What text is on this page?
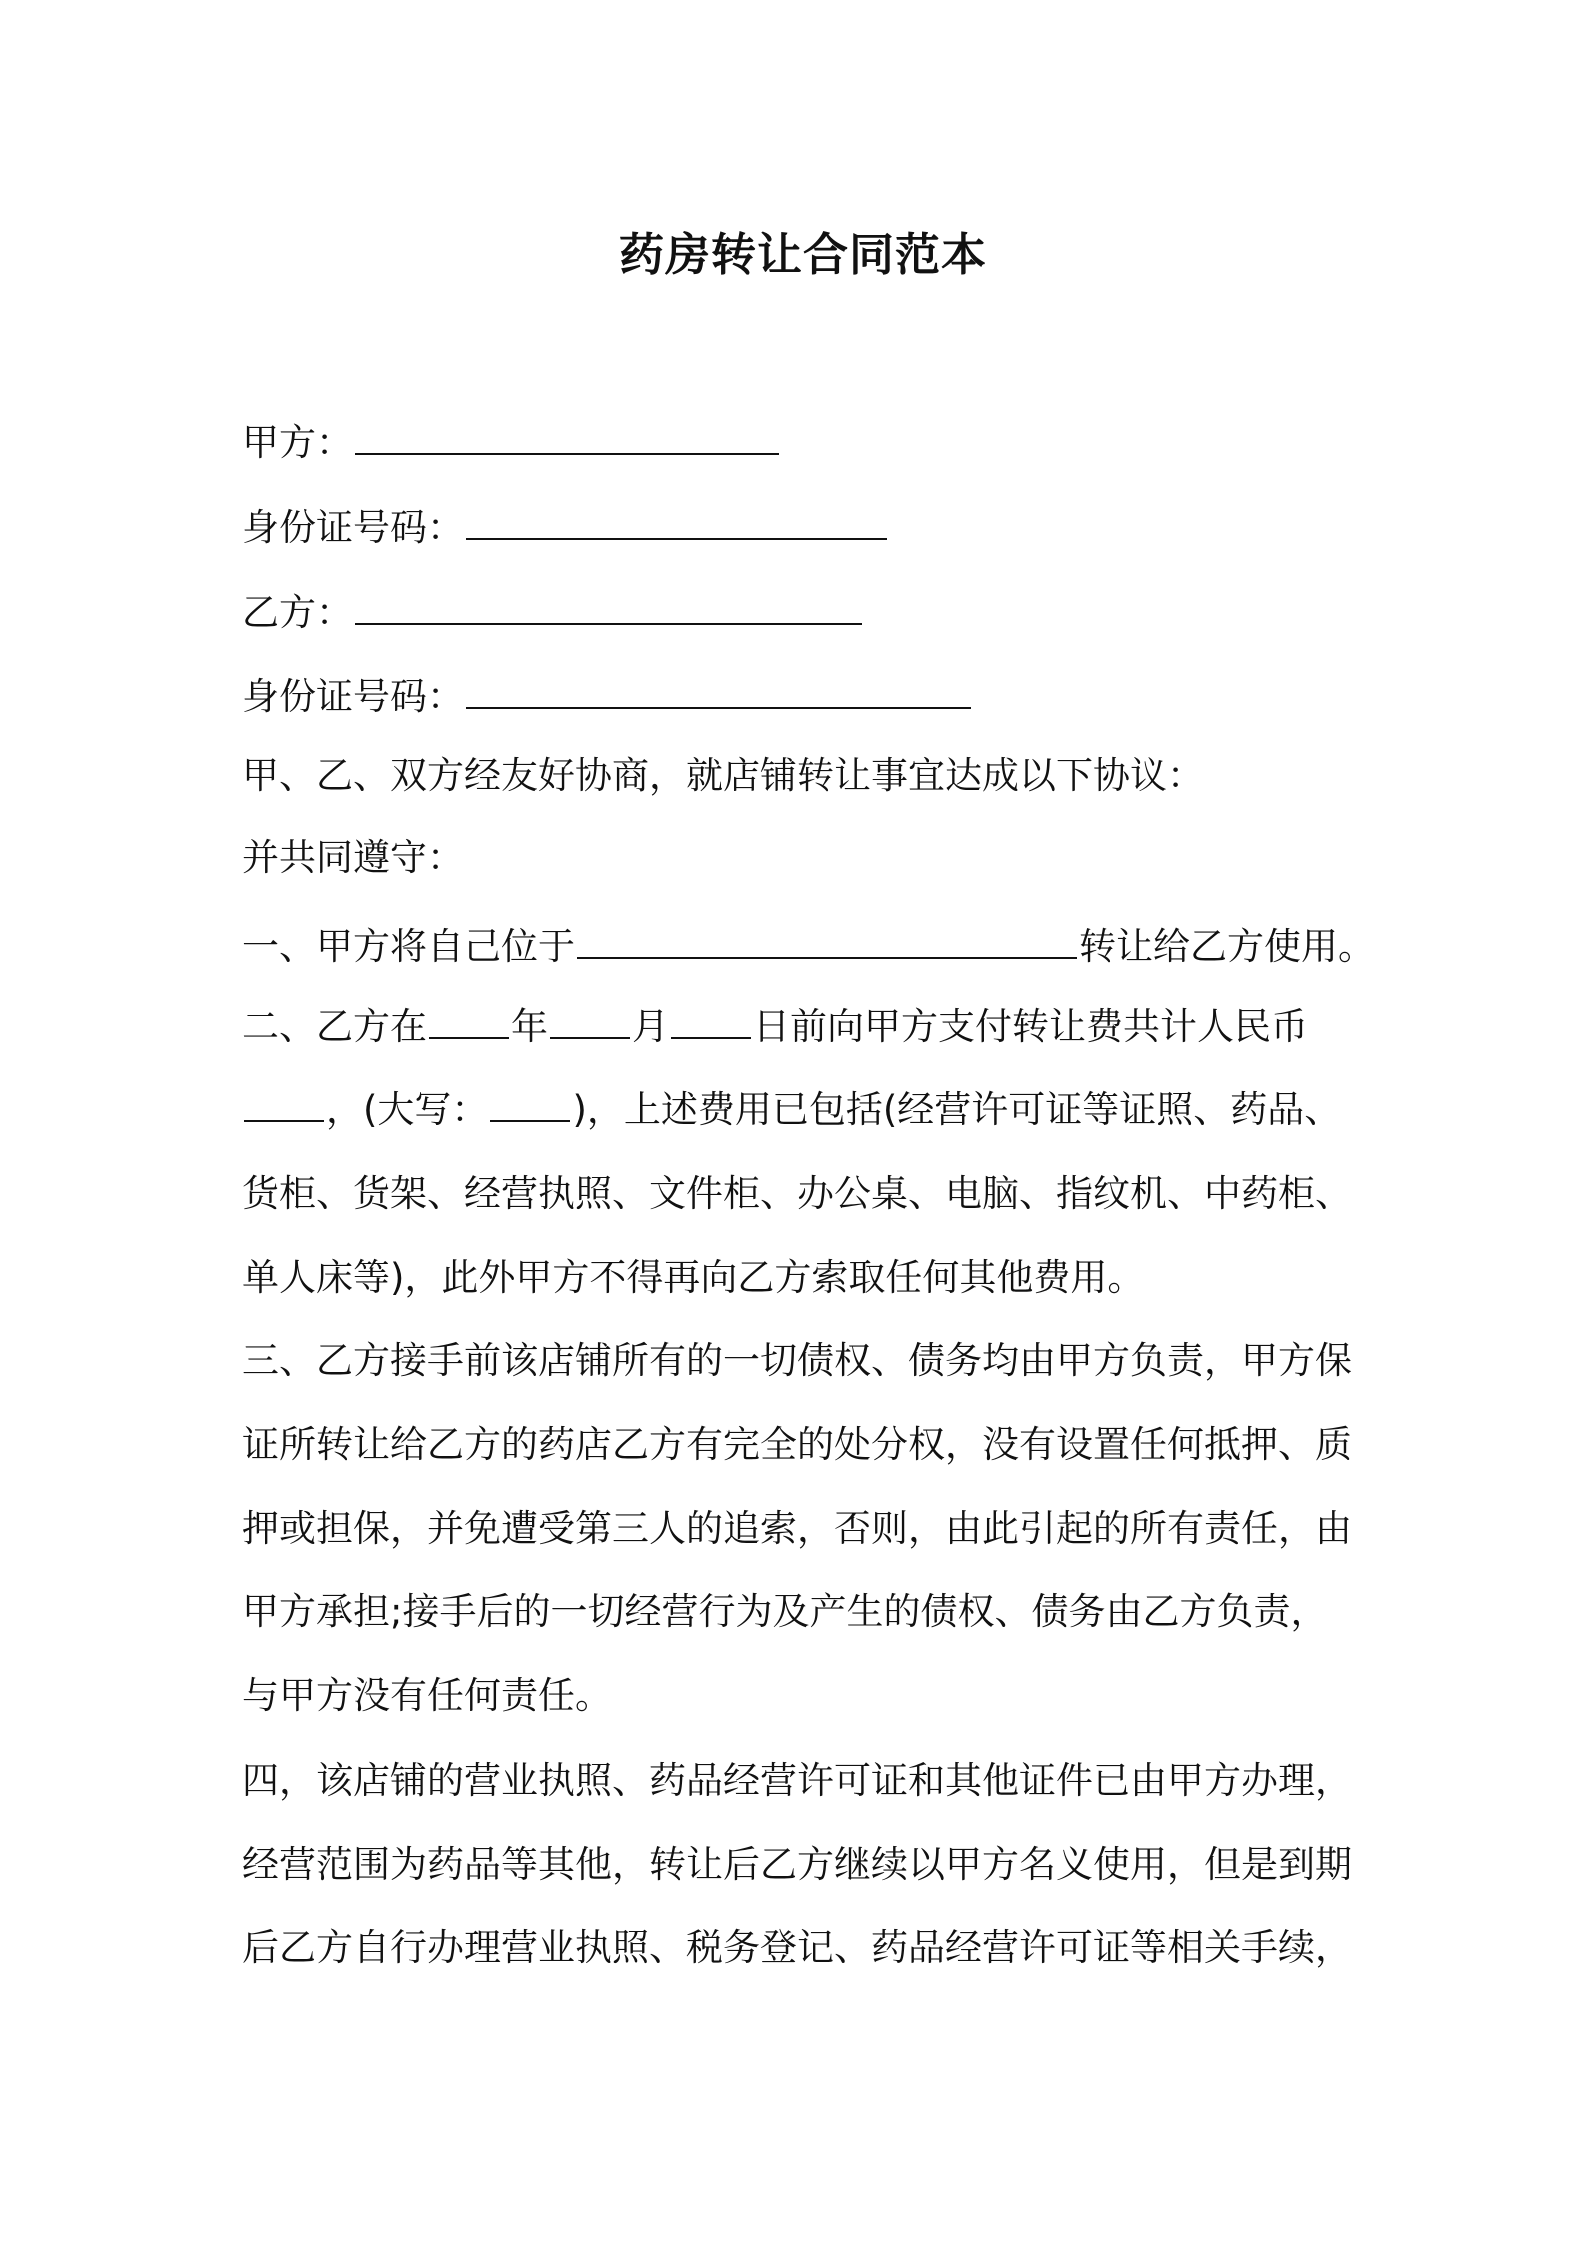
药房转让合同范本
甲方：
身份证号码：
乙方：
身份证号码：
甲、乙、双方经友好协商，就店铺转让事宜达成以下协议：
并共同遵守：
一、甲方将自己位于	转让给乙方使用。
二、乙方在 年 月 日前向甲方支付转让费共计人民币
，(大写： )，上述费用已包括(经营许可证等证照、药品、
货柜、货架、经营执照、文件柜、办公桌、电脑、指纹机、中药柜、
单人床等)，此外甲方不得再向乙方索取任何其他费用。
三、乙方接手前该店铺所有的一切债权、债务均由甲方负责，甲方保
证所转让给乙方的药店乙方有完全的处分权，没有设置任何抵押、质
押或担保，并免遭受第三人的追索，否则，由此引起的所有责任，由
甲方承担;接手后的一切经营行为及产生的债权、债务由乙方负责，
与甲方没有任何责任。
四，该店铺的营业执照、药品经营许可证和其他证件已由甲方办理，
经营范围为药品等其他，转让后乙方继续以甲方名义使用，但是到期
后乙方自行办理营业执照、税务登记、药品经营许可证等相关手续，
